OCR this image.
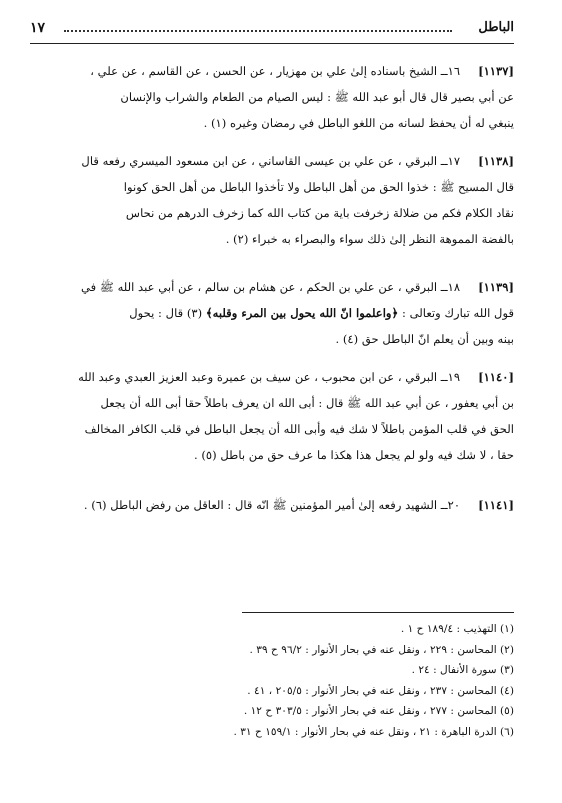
الباطل
١٧
[١١٣٧]١٦ــ الشيخ باسناده إلىٰ علي بن مهزيار ، عن الحسن ، عن القاسم ، عن علي ،
عن أبي بصير قال قال أبو عبد الله ﷺ : ليس الصيام من الطعام والشراب والإنسان
ينبغي له أن يحفظ لسانه من اللغو الباطل في رمضان وغيره (١) .
[١١٣٨]١٧ــ البرقي ، عن علي بن عيسى القاساني ، عن ابن مسعود الميسري رفعه قال
قال المسيح ﷺ : خذوا الحق من أهل الباطل ولا تأخذوا الباطل من أهل الحق كونوا
نقاد الكلام فكم من ضلالة زخرفت باية من كتاب الله كما زخرف الدرهم من نحاس
بالفضة المموهة النظر إلىٰ ذلك سواء والبصراء به خبراء (٢) .
[١١٣٩]١٨ــ البرقي ، عن علي بن الحكم ، عن هشام بن سالم ، عن أبي عبد الله ﷺ في
قول الله تبارك وتعالى : ﴿واعلموا انّ الله يحول بين المرء وقلبه﴾ (٣) قال : يحول
بينه وبين أن يعلم انّ الباطل حق (٤) .
[١١٤٠]١٩ــ البرقي ، عن ابن محبوب ، عن سيف بن عميرة وعبد العزيز العبدي وعبد الله
بن أبي يعفور ، عن أبي عبد الله ﷺ قال : أبى الله ان يعرف باطلاً حقا أبى الله أن يجعل
الحق في قلب المؤمن باطلاً لا شك فيه وأبى الله أن يجعل الباطل في قلب الكافر المخالف
حقا ، لا شك فيه ولو لم يجعل هذا هكذا ما عرف حق من باطل (٥) .
[١١٤١]٢٠ــ الشهيد رفعه إلىٰ أمير المؤمنين ﷺ انّه قال : العاقل من رفض الباطل (٦) .
(١) التهذيب : ١٨٩/٤ ح ١ .
(٢) المحاسن : ٢٢٩ ، ونقل عنه في بحار الأنوار : ٩٦/٢ ح ٣٩ .
(٣) سورة الأنفال : ٢٤ .
(٤) المحاسن : ٢٣٧ ، ونقل عنه في بحار الأنوار : ٢٠٥/٥ ، ٤١ .
(٥) المحاسن : ٢٧٧ ، ونقل عنه في بحار الأنوار : ٣٠٣/٥ ح ١٢ .
(٦) الدرة الباهرة : ٢١ ، ونقل عنه في بحار الأنوار : ١٥٩/١ ح ٣١ .
